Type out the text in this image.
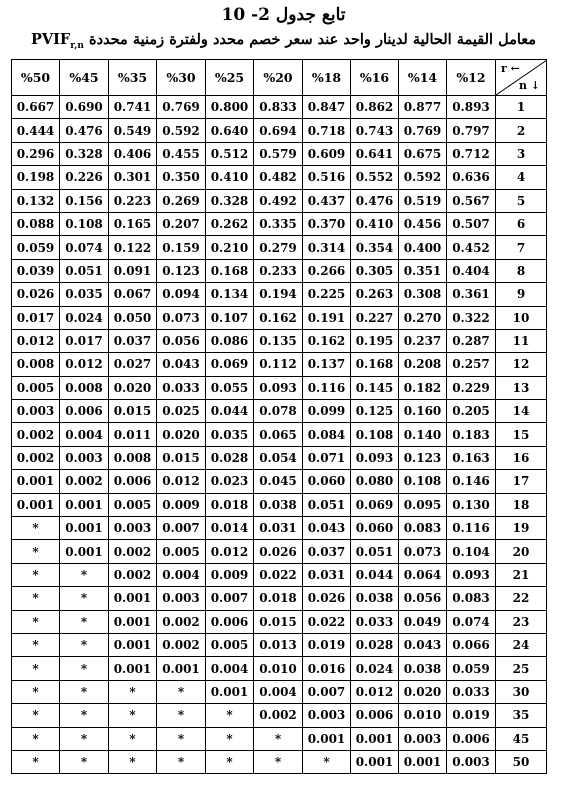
تابع جدول 2- 10
معامل القيمة الحالية لدينار واحد عند سعر خصم محدد ولفترة زمنية محددة $PVIF_{r,n}$
%50	%45	%35	%30	%25	%20	%18	%16	%14	%12	r ←
n ↓

0.667	0.690	0.741	0.769	0.800	0.833	0.847	0.862	0.877	0.893	1
0.444	0.476	0.549	0.592	0.640	0.694	0.718	0.743	0.769	0.797	2
0.296	0.328	0.406	0.455	0.512	0.579	0.609	0.641	0.675	0.712	3
0.198	0.226	0.301	0.350	0.410	0.482	0.516	0.552	0.592	0.636	4
0.132	0.156	0.223	0.269	0.328	0.492	0.437	0.476	0.519	0.567	5
0.088	0.108	0.165	0.207	0.262	0.335	0.370	0.410	0.456	0.507	6
0.059	0.074	0.122	0.159	0.210	0.279	0.314	0.354	0.400	0.452	7
0.039	0.051	0.091	0.123	0.168	0.233	0.266	0.305	0.351	0.404	8
0.026	0.035	0.067	0.094	0.134	0.194	0.225	0.263	0.308	0.361	9
0.017	0.024	0.050	0.073	0.107	0.162	0.191	0.227	0.270	0.322	10
0.012	0.017	0.037	0.056	0.086	0.135	0.162	0.195	0.237	0.287	11
0.008	0.012	0.027	0.043	0.069	0.112	0.137	0.168	0.208	0.257	12
0.005	0.008	0.020	0.033	0.055	0.093	0.116	0.145	0.182	0.229	13
0.003	0.006	0.015	0.025	0.044	0.078	0.099	0.125	0.160	0.205	14
0.002	0.004	0.011	0.020	0.035	0.065	0.084	0.108	0.140	0.183	15
0.002	0.003	0.008	0.015	0.028	0.054	0.071	0.093	0.123	0.163	16
0.001	0.002	0.006	0.012	0.023	0.045	0.060	0.080	0.108	0.146	17
0.001	0.001	0.005	0.009	0.018	0.038	0.051	0.069	0.095	0.130	18
*	0.001	0.003	0.007	0.014	0.031	0.043	0.060	0.083	0.116	19
*	0.001	0.002	0.005	0.012	0.026	0.037	0.051	0.073	0.104	20
*	*	0.002	0.004	0.009	0.022	0.031	0.044	0.064	0.093	21
*	*	0.001	0.003	0.007	0.018	0.026	0.038	0.056	0.083	22
*	*	0.001	0.002	0.006	0.015	0.022	0.033	0.049	0.074	23
*	*	0.001	0.002	0.005	0.013	0.019	0.028	0.043	0.066	24
*	*	0.001	0.001	0.004	0.010	0.016	0.024	0.038	0.059	25
*	*	*	*	0.001	0.004	0.007	0.012	0.020	0.033	30
*	*	*	*	*	0.002	0.003	0.006	0.010	0.019	35
*	*	*	*	*	*	0.001	0.001	0.003	0.006	45
*	*	*	*	*	*	*	0.001	0.001	0.003	50
